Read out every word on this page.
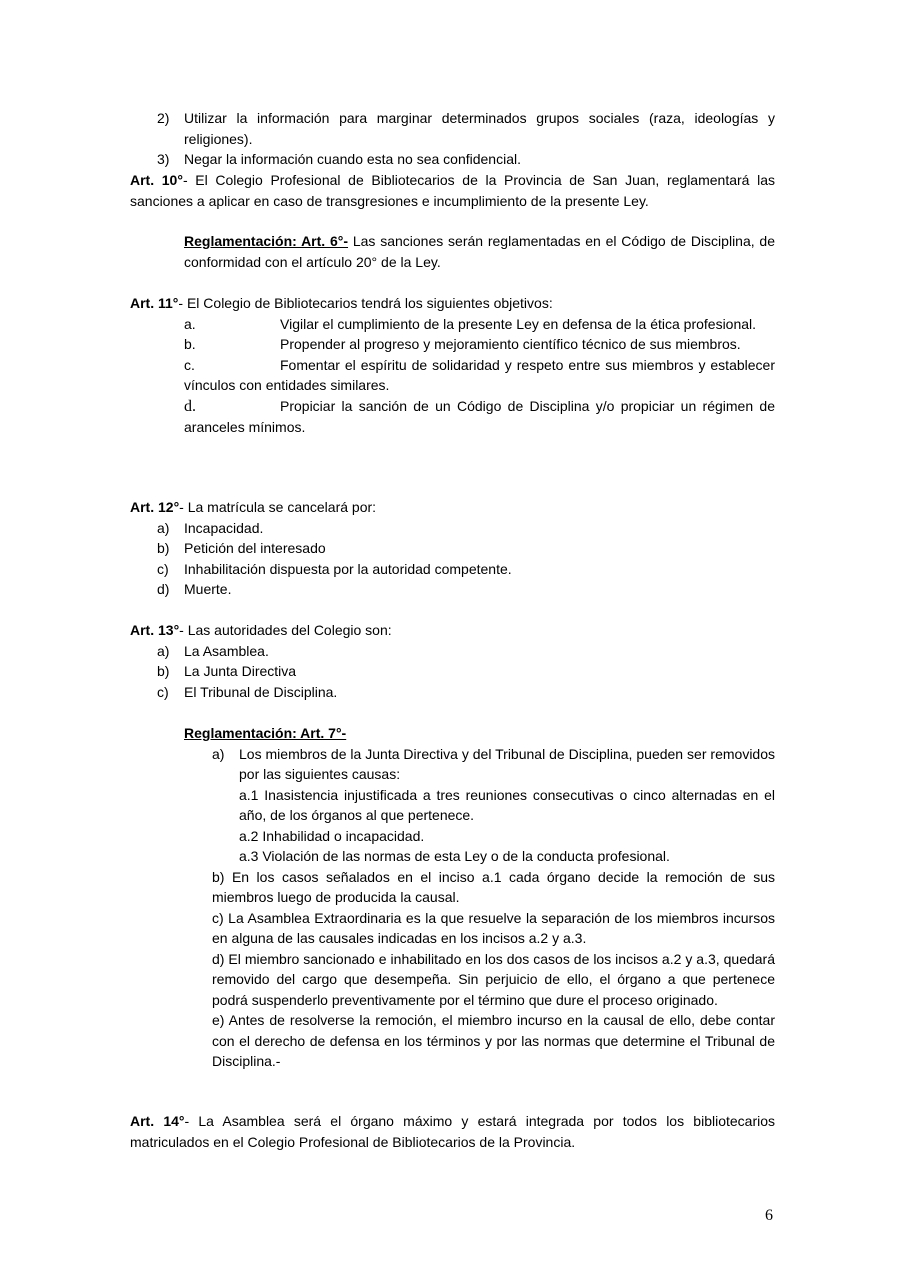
2)	Utilizar la información para marginar determinados grupos sociales (raza, ideologías y religiones).
3)	Negar la información cuando esta no sea confidencial.
Art. 10°- El Colegio Profesional de Bibliotecarios de la Provincia de San Juan, reglamentará las sanciones a aplicar en caso de transgresiones e incumplimiento de la presente Ley.
Reglamentación: Art. 6°- Las sanciones serán reglamentadas en el Código de Disciplina, de conformidad con el artículo 20° de la Ley.
Art. 11°- El Colegio de Bibliotecarios tendrá los siguientes objetivos:
a.	Vigilar el cumplimiento de la presente Ley en defensa de la ética profesional.
b.	Propender al progreso y mejoramiento científico técnico de sus miembros.
c.	Fomentar el espíritu de solidaridad y respeto entre sus miembros y establecer vínculos con entidades similares.
d.	Propiciar la sanción de un Código de Disciplina y/o propiciar un régimen de aranceles mínimos.
Art. 12°- La matrícula se cancelará por:
a)	Incapacidad.
b)	Petición del interesado
c)	Inhabilitación dispuesta por la autoridad competente.
d)	Muerte.
Art. 13°- Las autoridades del Colegio son:
a)	La Asamblea.
b)	La Junta Directiva
c)	El Tribunal de Disciplina.
Reglamentación: Art. 7°-
a)	Los miembros de la Junta Directiva y del Tribunal de Disciplina, pueden ser removidos por las siguientes causas:
a.1 Inasistencia injustificada a tres reuniones consecutivas o cinco alternadas en el año, de los órganos al que pertenece.
a.2 Inhabilidad o incapacidad.
a.3 Violación de las normas de esta Ley o de la conducta profesional.
b) En los casos señalados en el inciso a.1 cada órgano decide la remoción de sus miembros luego de producida la causal.
c) La Asamblea Extraordinaria es la que resuelve la separación de los miembros incursos en alguna de las causales indicadas en los incisos a.2 y a.3.
d) El miembro sancionado e inhabilitado en los dos casos de los incisos a.2 y a.3, quedará removido del cargo que desempeña. Sin perjuicio de ello, el órgano a que pertenece podrá suspenderlo preventivamente por el término que dure el proceso originado.
e) Antes de resolverse la remoción, el miembro incurso en la causal de ello, debe contar con el derecho de defensa en los términos y por las normas que determine el Tribunal de Disciplina.-
Art. 14°- La Asamblea será el órgano máximo y estará integrada por todos los bibliotecarios matriculados en el Colegio Profesional de Bibliotecarios de la Provincia.
6
